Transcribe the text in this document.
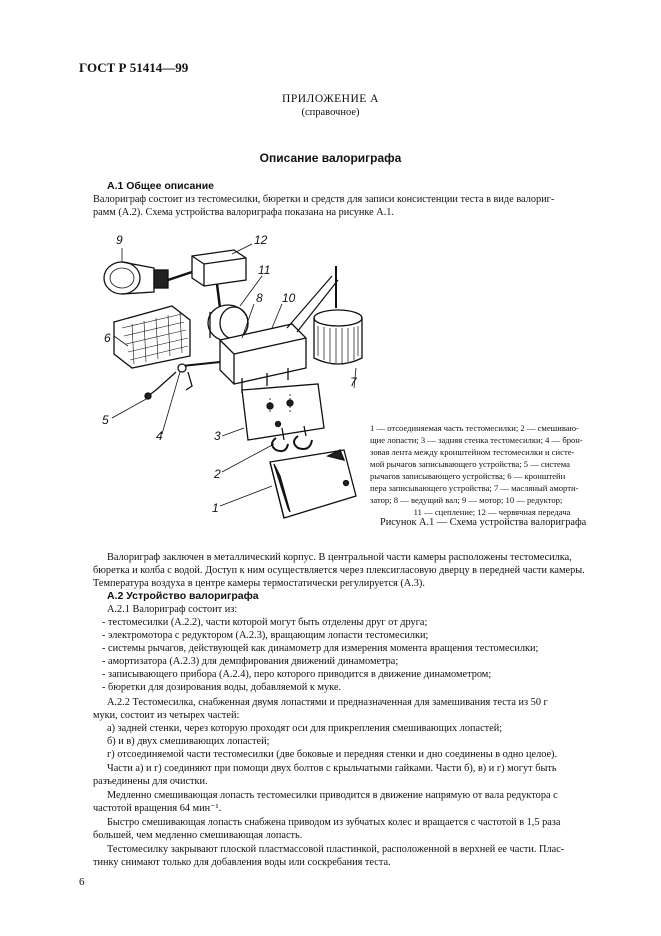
ГОСТ Р 51414—99
ПРИЛОЖЕНИЕ А
(справочное)
Описание валориграфа
А.1 Общее описание
Валориграф состоит из тестомесилки, бюретки и средств для записи консистенции теста в виде валориг-
рамм (А.2). Схема устройства валориграфа показана на рисунке А.1.
9	12
11
8 10
7
6
5
4	3
2
1
1 — отсоединяемая часть тестомесилки; 2 — смешиваю-
щие лопасти; 3 — задняя стенка тестомесилки; 4 — брон-
зовая лента между кронштейном тестомесилки и систе-
мой рычагов записывающего устройства; 5 — система
рычагов записывающего устройства; 6 — кронштейн
пера записывающего устройства; 7 — масляный аморти-
затор; 8 — ведущий вал; 9 — мотор; 10 — редуктор;
11 — сцепление; 12 — червячная передача
Рисунок А.1 — Схема устройства валориграфа
Валориграф заключен в металлический корпус. В центральной части камеры расположены тестомесилка,
бюретка и колба с водой. Доступ к ним осуществляется через плексигласовую дверцу в передней части камеры.
Температура воздуха в центре камеры термостатически регулируется (А.3).
А.2 Устройство валориграфа
А.2.1 Валориграф состоит из:
- тестомесилки (А.2.2), части которой могут быть отделены друг от друга;
- электромотора с редуктором (А.2.3), вращающим лопасти тестомесилки;
- системы рычагов, действующей как динамометр для измерения момента вращения тестомесилки;
- амортизатора (А.2.3) для демпфирования движений динамометра;
- записывающего прибора (А.2.4), перо которого приводится в движение динамометром;
- бюретки для дозирования воды, добавляемой к муке.
А.2.2 Тестомесилка, снабженная двумя лопастями и предназначенная для замешивания теста из 50 г
муки, состоит из четырех частей:
а) задней стенки, через которую проходят оси для прикрепления смешивающих лопастей;
б) и в) двух смешивающих лопастей;
г) отсоединяемой части тестомесилки (две боковые и передняя стенки и дно соединены в одно целое).
Части а) и г) соединяют при помощи двух болтов с крыльчатыми гайками. Части б), в) и г) могут быть
разъединены для очистки.
Медленно смешивающая лопасть тестомесилки приводится в движение напрямую от вала редуктора с
частотой вращения 64 мин⁻¹.
Быстро смешивающая лопасть снабжена приводом из зубчатых колес и вращается с частотой в 1,5 раза
большей, чем медленно смешивающая лопасть.
Тестомесилку закрывают плоской пластмассовой пластинкой, расположенной в верхней ее части. Плас-
тинку снимают только для добавления воды или соскребания теста.
6
